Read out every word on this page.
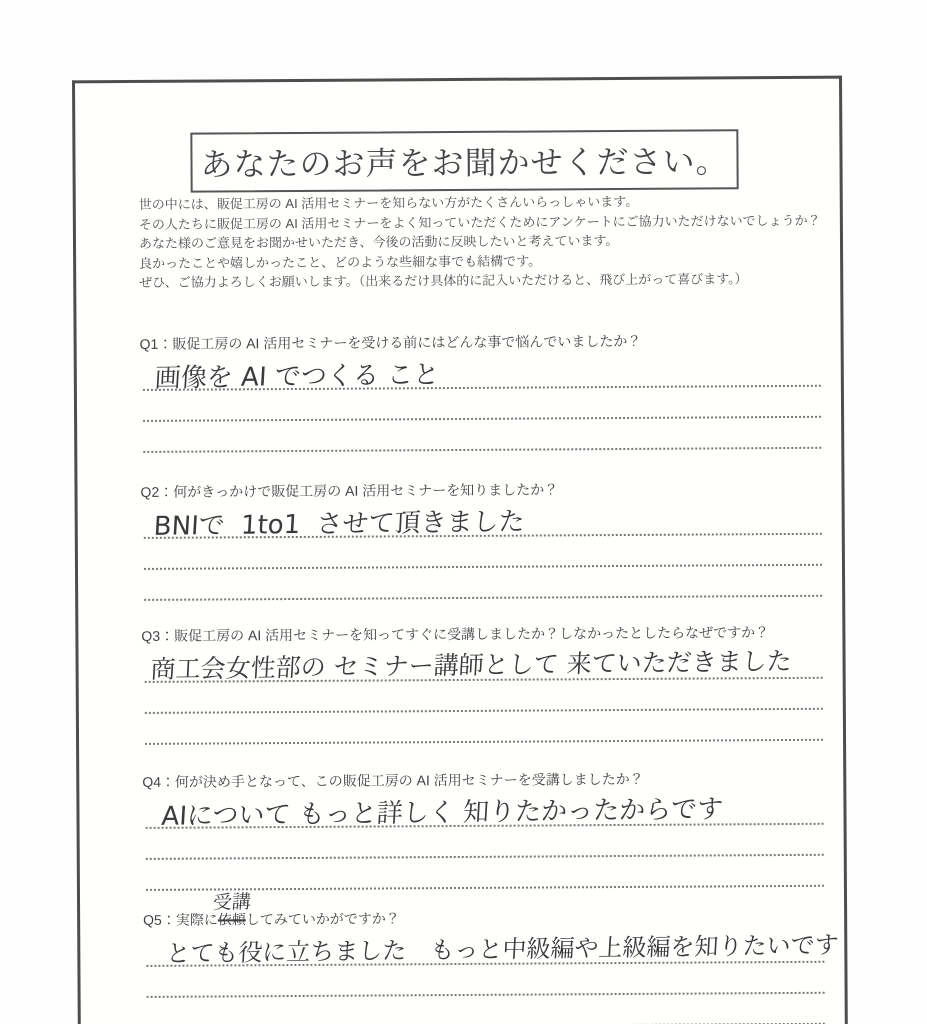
あなたのお声をお聞かせください。
世の中には、販促工房の AI 活用セミナーを知らない方がたくさんいらっしゃいます。
その人たちに販促工房の AI 活用セミナーをよく知っていただくためにアンケートにご協力いただけないでしょうか？
あなた様のご意見をお聞かせいただき、今後の活動に反映したいと考えています。
良かったことや嬉しかったこと、どのような些細な事でも結構です。
ぜひ、ご協力よろしくお願いします。（出来るだけ具体的に記入いただけると、飛び上がって喜びます。）
Q1：販促工房の AI 活用セミナーを受ける前にはどんな事で悩んでいましたか？
画像を AI でつくる こと
Q2：何がきっかけで販促工房の AI 活用セミナーを知りましたか？
BNIで 1to1 させて頂きました
Q3：販促工房の AI 活用セミナーを知ってすぐに受講しましたか？しなかったとしたらなぜですか？
商工会女性部の セミナー講師として 来ていただきました
Q4：何が決め手となって、この販促工房の AI 活用セミナーを受講しましたか？
AIについて もっと詳しく 知りたかったからです
受講
Q5：実際に依頼してみていかがですか？
とても役に立ちました　もっと中級編や上級編を知りたいです
